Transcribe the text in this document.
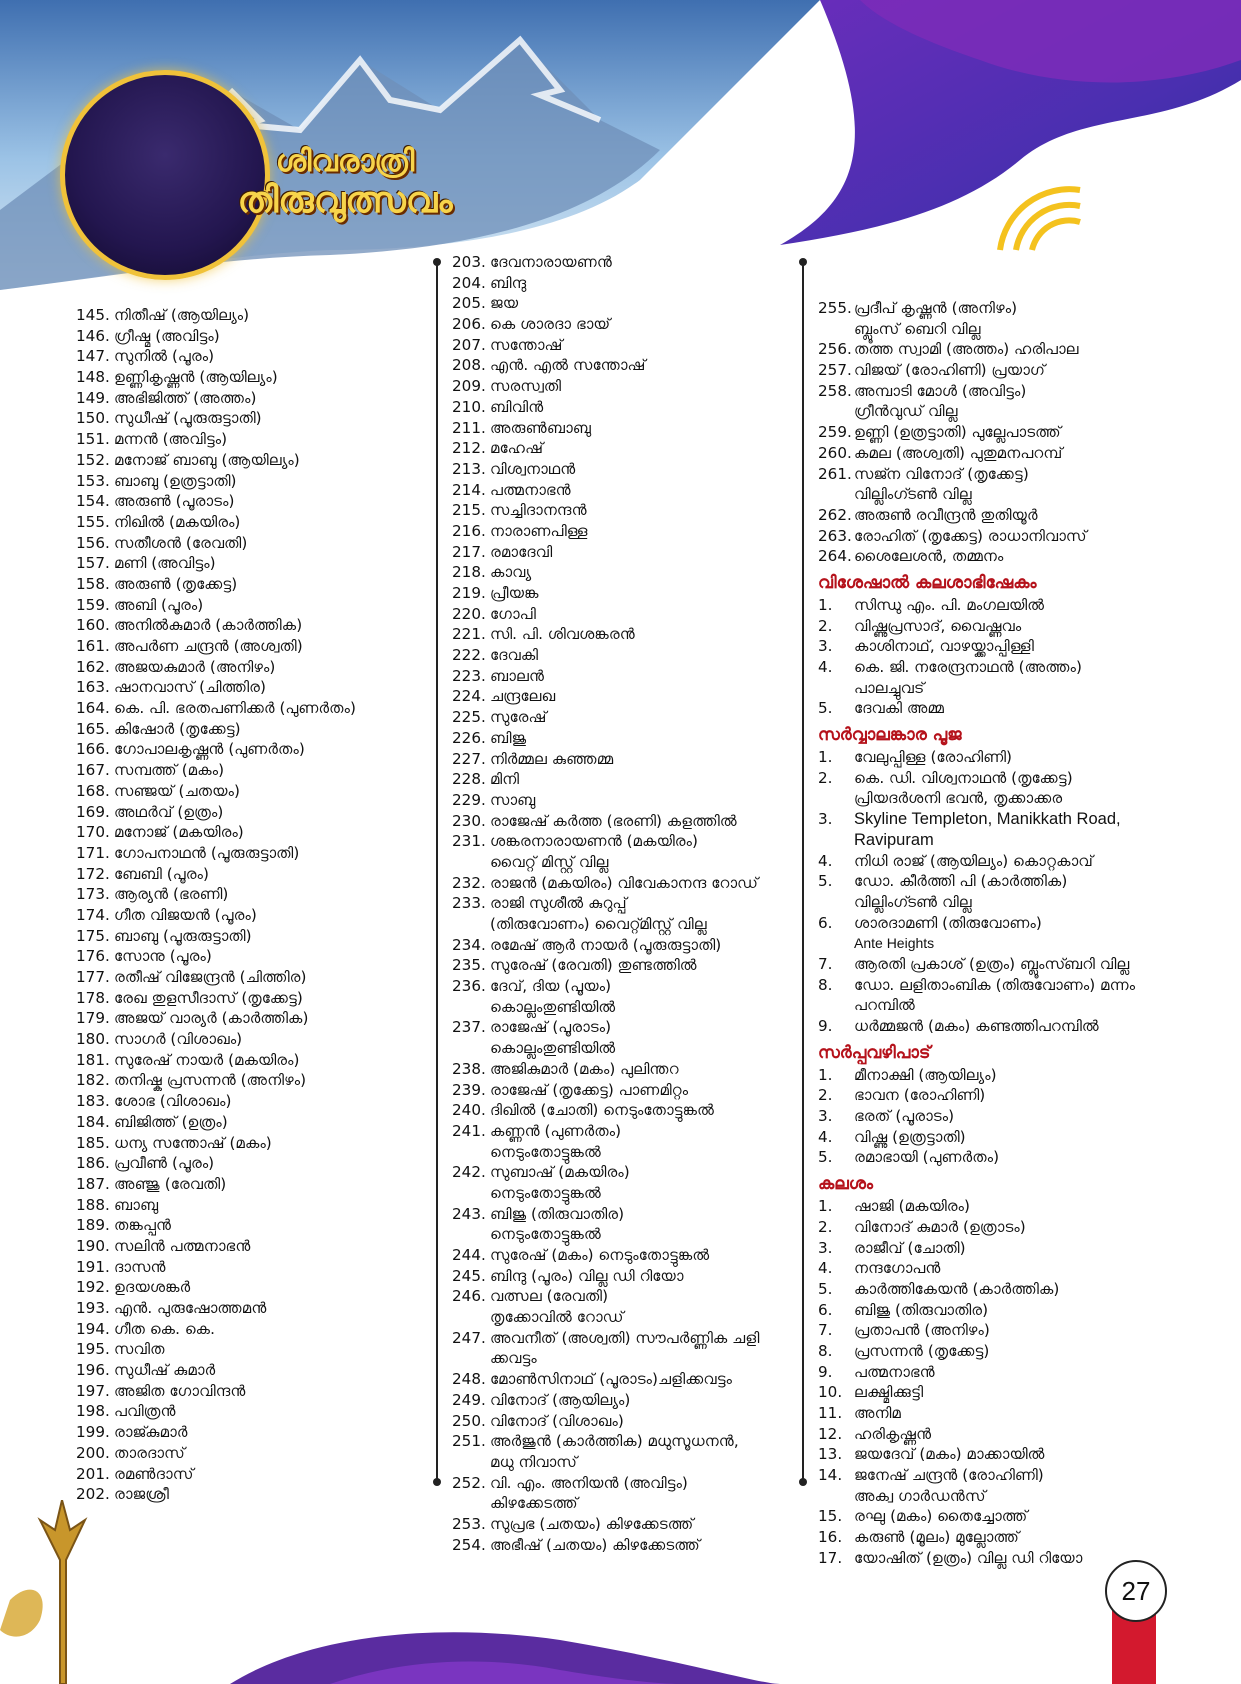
ശിവരാത്രി
തിരുവുത്സവം
145. നിതീഷ് (ആയില്യം)
146. ഗ്രീഷ്മ (അവിട്ടം)
147. സുനിൽ (പൂരം)
148. ഉണ്ണികൃഷ്ണൻ (ആയില്യം)
149. അഭിജിത്ത് (അത്തം)
150. സുധീഷ് (പൂരുരുട്ടാതി)
151. മന്നൻ (അവിട്ടം)
152. മനോജ് ബാബു (ആയില്യം)
153. ബാബു (ഉത്രട്ടാതി)
154. അരുൺ (പൂരാടം)
155. നിഖിൽ (മകയിരം)
156. സതീശൻ (രേവതി)
157. മണി (അവിട്ടം)
158. അരുൺ (തൃക്കേട്ട)
159. അബി (പൂരം)
160. അനിൽകുമാർ (കാർത്തിക)
161. അപർണ ചന്ദ്രൻ (അശ്വതി)
162. അജയകുമാർ (അനിഴം)
163. ഷാനവാസ് (ചിത്തിര)
164. കെ. പി. ഭരതപണിക്കർ (പുണർതം)
165. കിഷോർ (തൃക്കേട്ട)
166. ഗോപാലകൃഷ്ണൻ (പുണർതം)
167. സമ്പത്ത് (മകം)
168. സഞ്ജയ് (ചതയം)
169. അഥർവ് (ഉത്രം)
170. മനോജ് (മകയിരം)
171. ഗോപനാഥൻ (പൂരുരുട്ടാതി)
172. ബേബി (പൂരം)
173. ആര്യൻ (ഭരണി)
174. ഗീത വിജയൻ (പൂരം)
175. ബാബു (പൂരുരുട്ടാതി)
176. സോനു (പൂരം)
177. രതീഷ് വിജേന്ദ്രൻ (ചിത്തിര)
178. രേഖ തുളസീദാസ് (തൃക്കേട്ട)
179. അജയ് വാര്യർ (കാർത്തിക)
180. സാഗർ (വിശാഖം)
181. സുരേഷ് നായർ (മകയിരം)
182. തനിഷ്ക പ്രസന്നൻ (അനിഴം)
183. ശോഭ (വിശാഖം)
184. ബിജിത്ത് (ഉത്രം)
185. ധന്യ സന്തോഷ് (മകം)
186. പ്രവീൺ (പൂരം)
187. അഞ്ജു (രേവതി)
188. ബാബു
189. തങ്കപ്പൻ
190. സലിൻ പത്മനാഭൻ
191. ദാസൻ
192. ഉദയശങ്കർ
193. എൻ. പുരുഷോത്തമൻ
194. ഗീത കെ. കെ.
195. സവിത
196. സുധീഷ് കുമാർ
197. അജിത ഗോവിന്ദൻ
198. പവിത്രൻ
199. രാജ്കുമാർ
200. താരദാസ്
201. രമൺദാസ്
202. രാജശ്രീ
203. ദേവനാരായണൻ
204. ബിന്ദു
205. ജയ
206. കെ ശാരദാ ഭായ്
207. സന്തോഷ്
208. എൻ. എൽ സന്തോഷ്
209. സരസ്വതി
210. ബിവിൻ
211. അരുൺബാബു
212. മഹേഷ്
213. വിശ്വനാഥൻ
214. പത്മനാഭൻ
215. സച്ചിദാനന്ദൻ
216. നാരാണപിള്ള
217. രമാദേവി
218. കാവ്യ
219. പ്രീയങ്ക
220. ഗോപി
221. സി. പി. ശിവശങ്കരൻ
222. ദേവകി
223. ബാലൻ
224. ചന്ദ്രലേഖ
225. സുരേഷ്
226. ബിജു
227. നിർമ്മല കുഞ്ഞമ്മ
228. മിനി
229. സാബു
230. രാജേഷ് കർത്ത (ഭരണി) കളത്തിൽ
231. ശങ്കരനാരായണൻ (മകയിരം)
വൈറ്റ് മിസ്റ്റ് വില്ല
232. രാജൻ (മകയിരം) വിവേകാനന്ദ റോഡ്
233. രാജി സുശീൽ കുറുപ്പ്
(തിരുവോണം) വൈറ്റ്മിസ്റ്റ് വില്ല
234. രമേഷ് ആർ നായർ (പൂരുരുട്ടാതി)
235. സുരേഷ് (രേവതി) തുണ്ടത്തിൽ
236. ദേവ്, ദിയ (പൂയം)
കൊല്ലംതുണ്ടിയിൽ
237. രാജേഷ് (പൂരാടം)
കൊല്ലംതുണ്ടിയിൽ
238. അജികുമാർ (മകം) പുലിന്തറ
239. രാജേഷ് (തൃക്കേട്ട) പാണമിറ്റം
240. ദിഖിൽ (ചോതി) നെടുംതോട്ടുങ്കൽ
241. കണ്ണൻ (പുണർതം)
നെടുംതോട്ടുങ്കൽ
242. സുബാഷ് (മകയിരം)
നെടുംതോട്ടുങ്കൽ
243. ബിജു (തിരുവാതിര)
നെടുംതോട്ടുങ്കൽ
244. സുരേഷ് (മകം) നെടുംതോട്ടുങ്കൽ
245. ബിന്ദു (പൂരം) വില്ല ഡി റിയോ
246. വത്സല (രേവതി)
തൃക്കോവിൽ റോഡ്
247. അവനീത് (അശ്വതി) സൗപർണ്ണിക ചളി
ക്കവട്ടം
248. മോൺസിനാഥ് (പൂരാടം)ചളിക്കവട്ടം
249. വിനോദ് (ആയില്യം)
250. വിനോദ് (വിശാഖം)
251. അർജുൻ (കാർത്തിക) മധുസൂധനൻ,
മധു നിവാസ്
252. വി. എം. അനിയൻ (അവിട്ടം)
കിഴക്കേടത്ത്
253. സുപ്രഭ (ചതയം) കിഴക്കേടത്ത്
254. അഭീഷ് (ചതയം) കിഴക്കേടത്ത്
255. പ്രദീപ് കൃഷ്ണൻ (അനിഴം)
ബ്ലൂംസ് ബെറി വില്ല
256. തത്ത സ്വാമി (അത്തം) ഹരിപാല
257. വിജയ് (രോഹിണി) പ്രയാഗ്
258. അമ്പാടി മോൾ (അവിട്ടം)
ഗ്രീൻവുഡ് വില്ല
259. ഉണ്ണി (ഉത്രട്ടാതി) പുല്ലേപാടത്ത്
260. കമല (അശ്വതി) പുതുമനപറമ്പ്
261. സജ്ന വിനോദ് (തൃക്കേട്ട)
വില്ലിംഗ്ടൺ വില്ല
262. അരുൺ രവീന്ദ്രൻ തുതിയൂർ
263. രോഹിത് (തൃക്കേട്ട) രാധാനിവാസ്
264. ശൈലേശൻ, തമ്മനം
വിശേഷാൽ കലശാഭിഷേകം
1.	സിന്ധു എം. പി. മംഗലയിൽ
2.	വിഷ്ണുപ്രസാദ്, വൈഷ്ണവം
3.	കാശിനാഥ്, വാഴയ്ക്കാപ്പിള്ളി
4.	കെ. ജി. നരേന്ദ്രനാഥൻ (അത്തം)
പാലച്ചുവട്
5.	ദേവകി അമ്മ
സർവ്വാലങ്കാര പൂജ
1.	വേലുപ്പിള്ള (രോഹിണി)
2.	കെ. ഡി. വിശ്വനാഥൻ (തൃക്കേട്ട)
പ്രിയദർശനി ഭവൻ, തൃക്കാക്കര
3.	Skyline Templeton, Manikkath Road,
Ravipuram
4.	നിധി രാജ് (ആയില്യം) കൊറ്റകാവ്
5.	ഡോ. കീർത്തി പി (കാർത്തിക)
വില്ലിംഗ്ടൺ വില്ല
6.	ശാരദാമണി (തിരുവോണം)
Ante Heights
7.	ആരതി പ്രകാശ് (ഉത്രം) ബ്ലൂംസ്ബറി വില്ല
8.	ഡോ. ലളിതാംബിക (തിരുവോണം) മന്നം
പറമ്പിൽ
9.	ധർമ്മജൻ (മകം) കണ്ടത്തിപറമ്പിൽ
സർപ്പവഴിപാട്
1.	മീനാക്ഷി (ആയില്യം)
2.	ഭാവന (രോഹിണി)
3.	ഭരത് (പൂരാടം)
4.	വിഷ്ണു (ഉത്രട്ടാതി)
5.	രമാഭായി (പുണർതം)
കലശം
1.	ഷാജി (മകയിരം)
2.	വിനോദ് കുമാർ (ഉത്രാടം)
3.	രാജീവ് (ചോതി)
4.	നന്ദഗോപൻ
5.	കാർത്തികേയൻ (കാർത്തിക)
6.	ബിജു (തിരുവാതിര)
7.	പ്രതാപൻ (അനിഴം)
8.	പ്രസന്നൻ (തൃക്കേട്ട)
9.	പത്മനാഭൻ
10. ലക്ഷ്മിക്കുട്ടി
11. അനിമ
12. ഹരികൃഷ്ണൻ
13. ജയദേവ് (മകം) മാക്കായിൽ
14. ജനേഷ് ചന്ദ്രൻ (രോഹിണി)
അക്വ ഗാർഡൻസ്
15. രഘു (മകം) തൈച്ചോത്ത്
16. കരുൺ (മൂലം) മുല്ലോത്ത്
17. യോഷിത് (ഉത്രം) വില്ല ഡി റിയോ
27
